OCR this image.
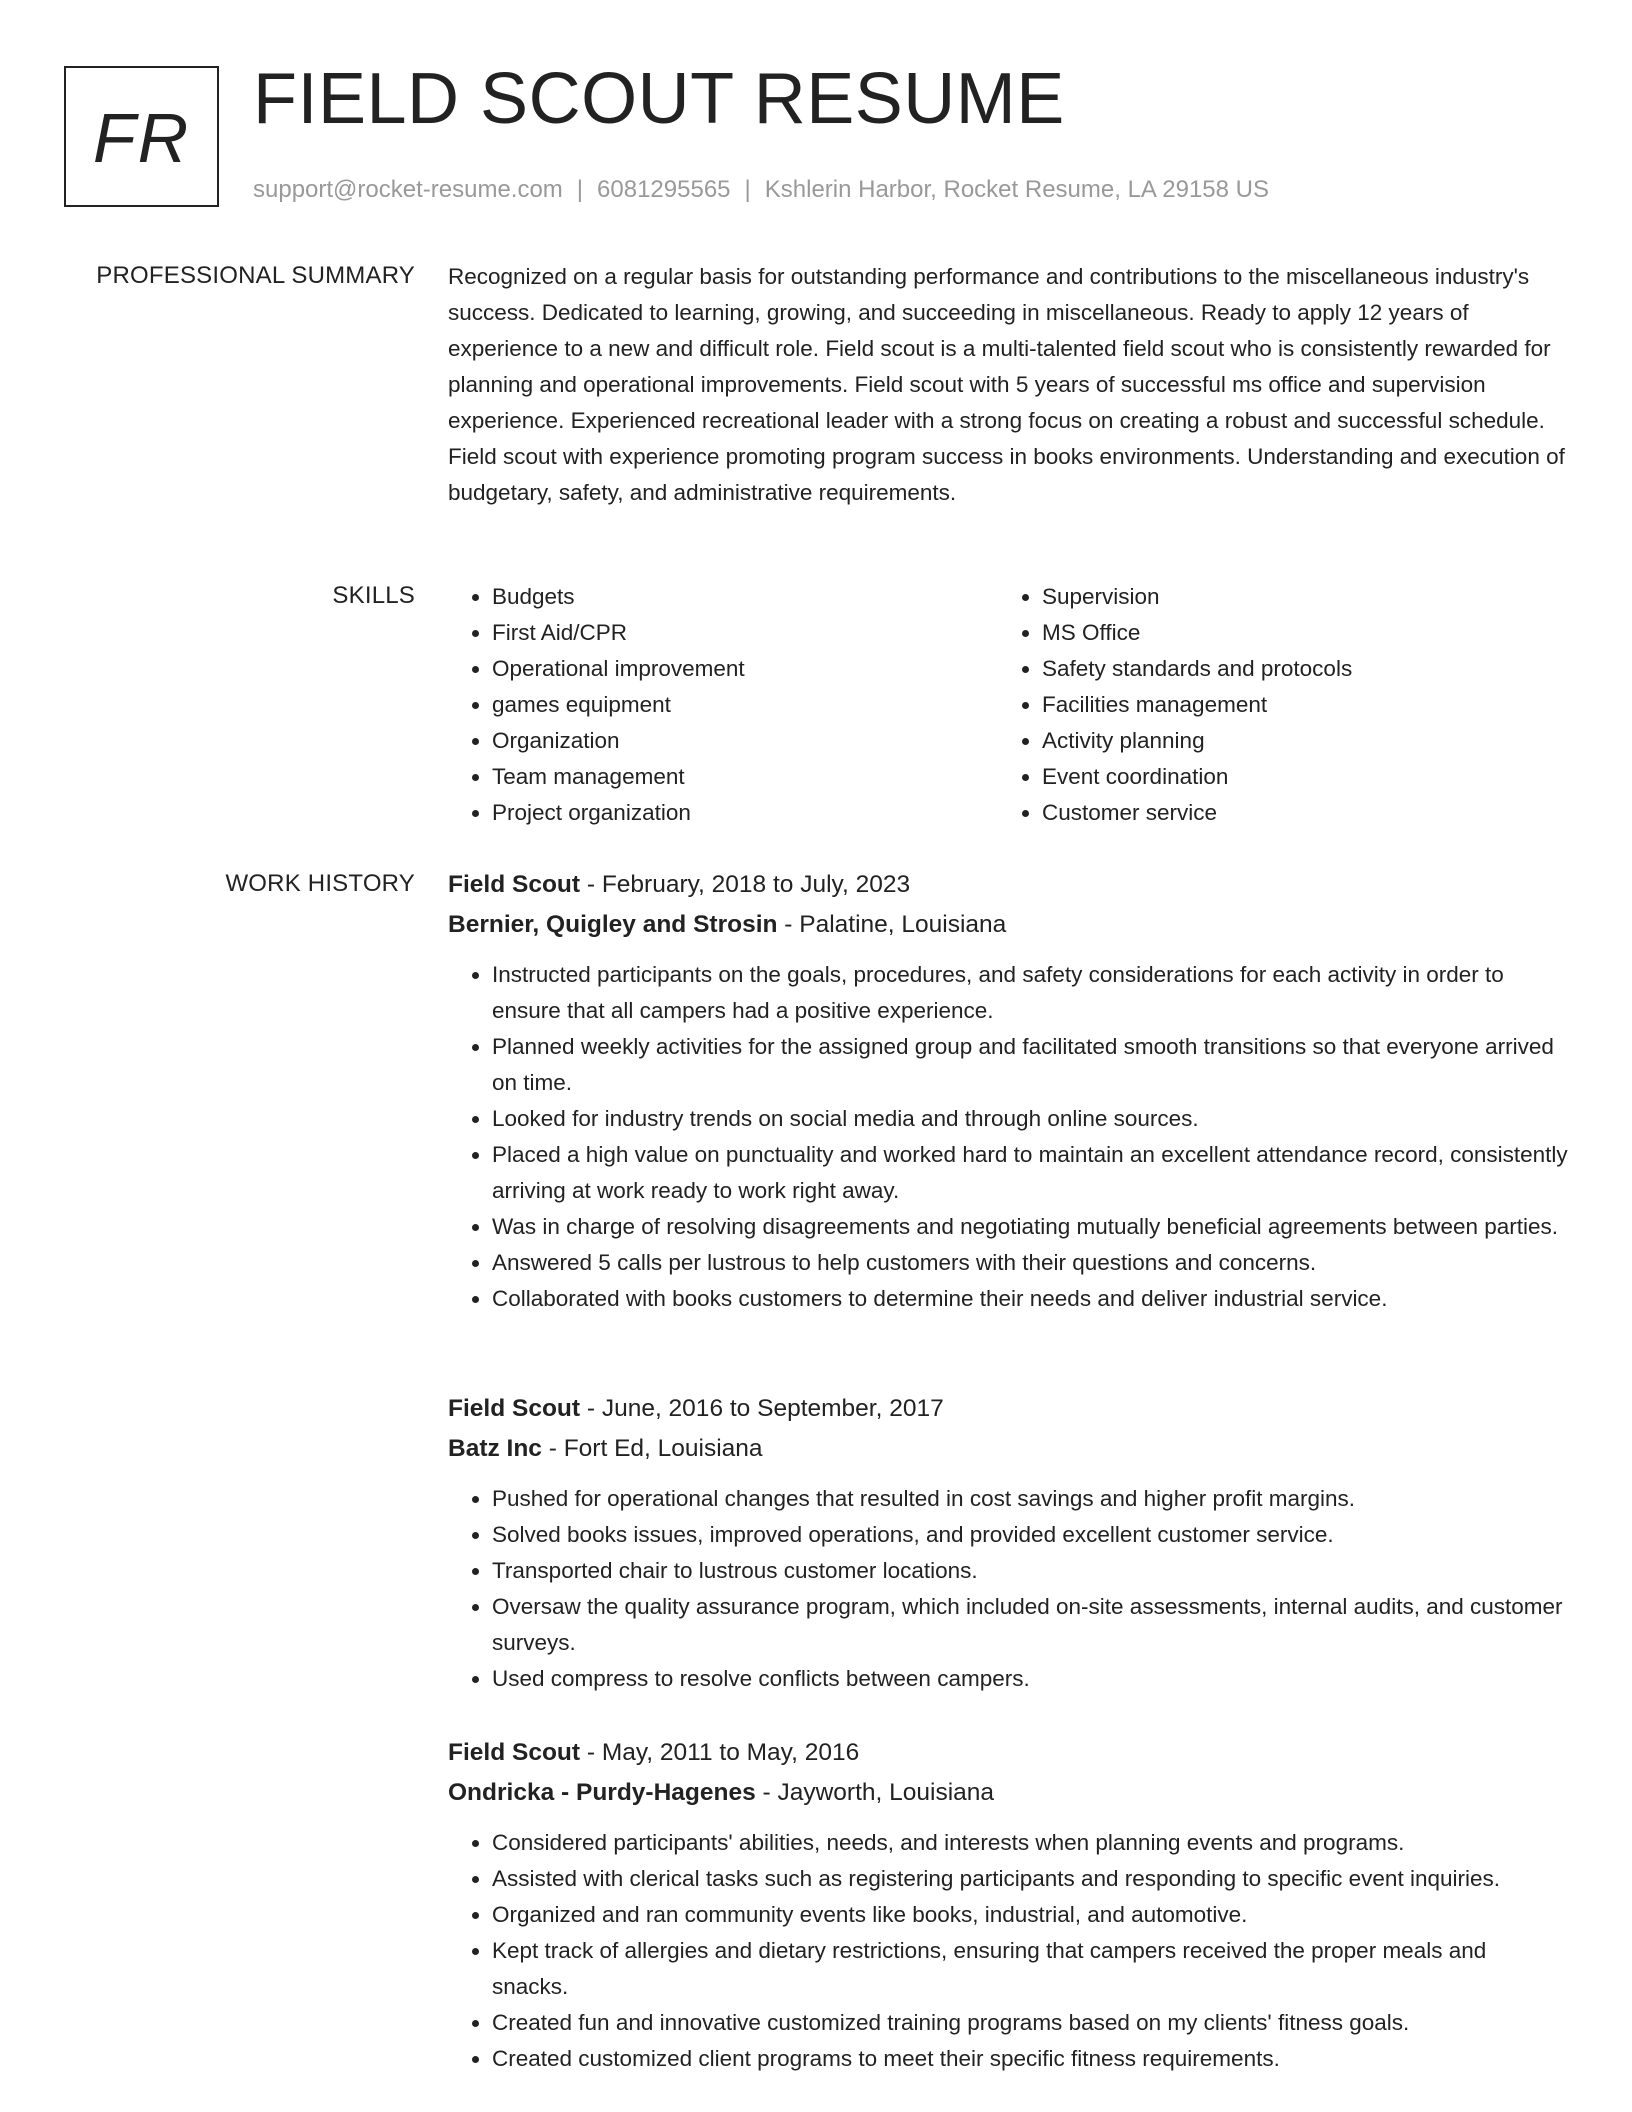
FR FIELD SCOUT RESUME
support@rocket-resume.com | 6081295565 | Kshlerin Harbor, Rocket Resume, LA 29158 US
PROFESSIONAL SUMMARY Recognized on a regular basis for outstanding performance and contributions to the miscellaneous industry's success. Dedicated to learning, growing, and succeeding in miscellaneous. Ready to apply 12 years of experience to a new and difficult role. Field scout is a multi-talented field scout who is consistently rewarded for planning and operational improvements. Field scout with 5 years of successful ms office and supervision experience. Experienced recreational leader with a strong focus on creating a robust and successful schedule. Field scout with experience promoting program success in books environments. Understanding and execution of budgetary, safety, and administrative requirements.

SKILLS
•	Budgets
• First Aid/CPR
• Operational improvement
• games equipment
• Organization
• Team management
• Project organization
• Supervision
• MS Office
• Safety standards and protocols
• Facilities management
• Activity planning
• Event coordination
• Customer service
WORK HISTORY Field Scout - February, 2018 to July, 2023
Bernier, Quigley and Strosin - Palatine, Louisiana
• Instructed participants on the goals, procedures, and safety considerations for each activity in order to ensure that all campers had a positive experience.
• Planned weekly activities for the assigned group and facilitated smooth transitions so that everyone arrived on time.
• Looked for industry trends on social media and through online sources.
• Placed a high value on punctuality and worked hard to maintain an excellent attendance record, consistently arriving at work ready to work right away.
• Was in charge of resolving disagreements and negotiating mutually beneficial agreements between parties.
• Answered 5 calls per lustrous to help customers with their questions and concerns.
• Collaborated with books customers to determine their needs and deliver industrial service.
Field Scout - June, 2016 to September, 2017
Batz Inc - Fort Ed, Louisiana
• Pushed for operational changes that resulted in cost savings and higher profit margins.
• Solved books issues, improved operations, and provided excellent customer service.
• Transported chair to lustrous customer locations.
• Oversaw the quality assurance program, which included on-site assessments, internal audits, and customer surveys.
• Used compress to resolve conflicts between campers.
Field Scout - May, 2011 to May, 2016
Ondricka - Purdy-Hagenes - Jayworth, Louisiana
• Considered participants' abilities, needs, and interests when planning events and programs.
• Assisted with clerical tasks such as registering participants and responding to specific event inquiries.
• Organized and ran community events like books, industrial, and automotive.
• Kept track of allergies and dietary restrictions, ensuring that campers received the proper meals and snacks.
• Created fun and innovative customized training programs based on my clients' fitness goals.
• Created customized client programs to meet their specific fitness requirements.
